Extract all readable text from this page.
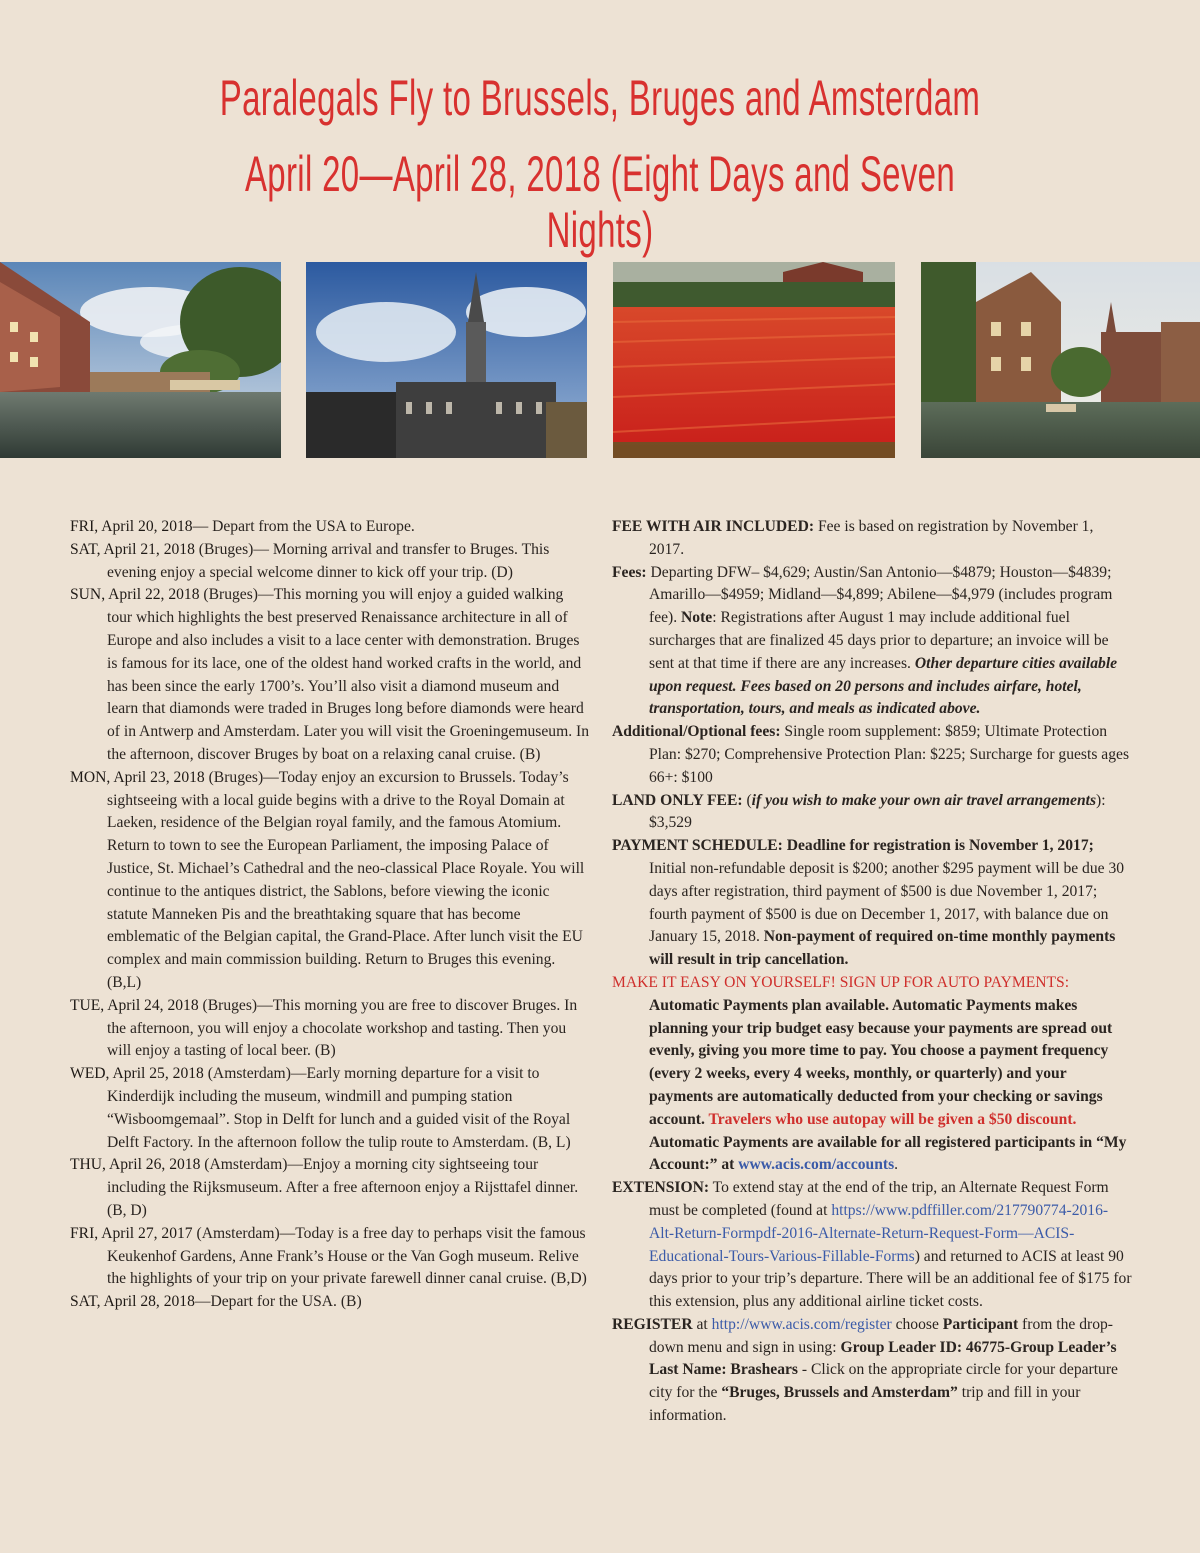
Paralegals Fly to Brussels, Bruges and Amsterdam
April 20—April 28, 2018 (Eight Days and Seven Nights)

FRI, April 20, 2018— Depart from the USA to Europe.

SAT, April 21, 2018 (Bruges)— Morning arrival and transfer to Bruges. This evening enjoy a special welcome dinner to kick off your trip. (D)

SUN, April 22, 2018 (Bruges)—This morning you will enjoy a guided walking tour which highlights the best preserved Renaissance architecture in all of Europe and also includes a visit to a lace center with demonstration. Bruges is famous for its lace, one of the oldest hand worked crafts in the world, and has been since the early 1700’s. You’ll also visit a diamond museum and learn that diamonds were traded in Bruges long before diamonds were heard of in Antwerp and Amsterdam. Later you will visit the Groeningemuseum. In the afternoon, discover Bruges by boat on a relaxing canal cruise. (B)

MON, April 23, 2018 (Bruges)—Today enjoy an excursion to Brussels. Today’s sightseeing with a local guide begins with a drive to the Royal Domain at Laeken, residence of the Belgian royal family, and the famous Atomium. Return to town to see the European Parliament, the imposing Palace of Justice, St. Michael’s Cathedral and the neo-classical Place Royale. You will continue to the antiques district, the Sablons, before viewing the iconic statute Manneken Pis and the breathtaking square that has become emblematic of the Belgian capital, the Grand-Place. After lunch visit the EU complex and main commission building. Return to Bruges this evening. (B,L)

TUE, April 24, 2018 (Bruges)—This morning you are free to discover Bruges. In the afternoon, you will enjoy a chocolate workshop and tasting. Then you will enjoy a tasting of local beer. (B)

WED, April 25, 2018 (Amsterdam)—Early morning departure for a visit to Kinderdijk including the museum, windmill and pumping station “Wisboomgemaal”. Stop in Delft for lunch and a guided visit of the Royal Delft Factory. In the afternoon follow the tulip route to Amsterdam. (B, L)

THU, April 26, 2018 (Amsterdam)—Enjoy a morning city sightseeing tour including the Rijksmuseum. After a free afternoon enjoy a Rijsttafel dinner. (B, D)

FRI, April 27, 2017 (Amsterdam)—Today is a free day to perhaps visit the famous Keukenhof Gardens, Anne Frank’s House or the Van Gogh museum. Relive the highlights of your trip on your private farewell dinner canal cruise. (B,D)

SAT, April 28, 2018—Depart for the USA. (B)

FEE WITH AIR INCLUDED: Fee is based on registration by November 1, 2017.

Fees: Departing DFW– $4,629; Austin/San Antonio—$4879; Houston—$4839; Amarillo—$4959; Midland—$4,899; Abilene—$4,979 (includes program fee). Note: Registrations after August 1 may include additional fuel surcharges that are finalized 45 days prior to departure; an invoice will be sent at that time if there are any increases. Other departure cities available upon request. Fees based on 20 persons and includes airfare, hotel, transportation, tours, and meals as indicated above.

Additional/Optional fees: Single room supplement: $859; Ultimate Protection Plan: $270; Comprehensive Protection Plan: $225; Surcharge for guests ages 66+: $100

LAND ONLY FEE: (if you wish to make your own air travel arrangements): $3,529

PAYMENT SCHEDULE: Deadline for registration is November 1, 2017; Initial non-refundable deposit is $200; another $295 payment will be due 30 days after registration, third payment of $500 is due November 1, 2017; fourth payment of $500 is due on December 1, 2017, with balance due on January 15, 2018. Non-payment of required on-time monthly payments will result in trip cancellation.

MAKE IT EASY ON YOURSELF! SIGN UP FOR AUTO PAYMENTS: Automatic Payments plan available. Automatic Payments makes planning your trip budget easy because your payments are spread out evenly, giving you more time to pay. You choose a payment frequency (every 2 weeks, every 4 weeks, monthly, or quarterly) and your payments are automatically deducted from your checking or savings account. Travelers who use autopay will be given a $50 discount. Automatic Payments are available for all registered participants in “My Account:” at www.acis.com/accounts.

EXTENSION: To extend stay at the end of the trip, an Alternate Request Form must be completed (found at https://www.pdffiller.com/217790774-2016-Alt-Return-Formpdf-2016-Alternate-Return-Request-Form—ACIS-Educational-Tours-Various-Fillable-Forms) and returned to ACIS at least 90 days prior to your trip’s departure. There will be an additional fee of $175 for this extension, plus any additional airline ticket costs.

REGISTER at http://www.acis.com/register choose Participant from the drop-down menu and sign in using: Group Leader ID: 46775-Group Leader’s Last Name: Brashears - Click on the appropriate circle for your departure city for the “Bruges, Brussels and Amsterdam” trip and fill in your information.
